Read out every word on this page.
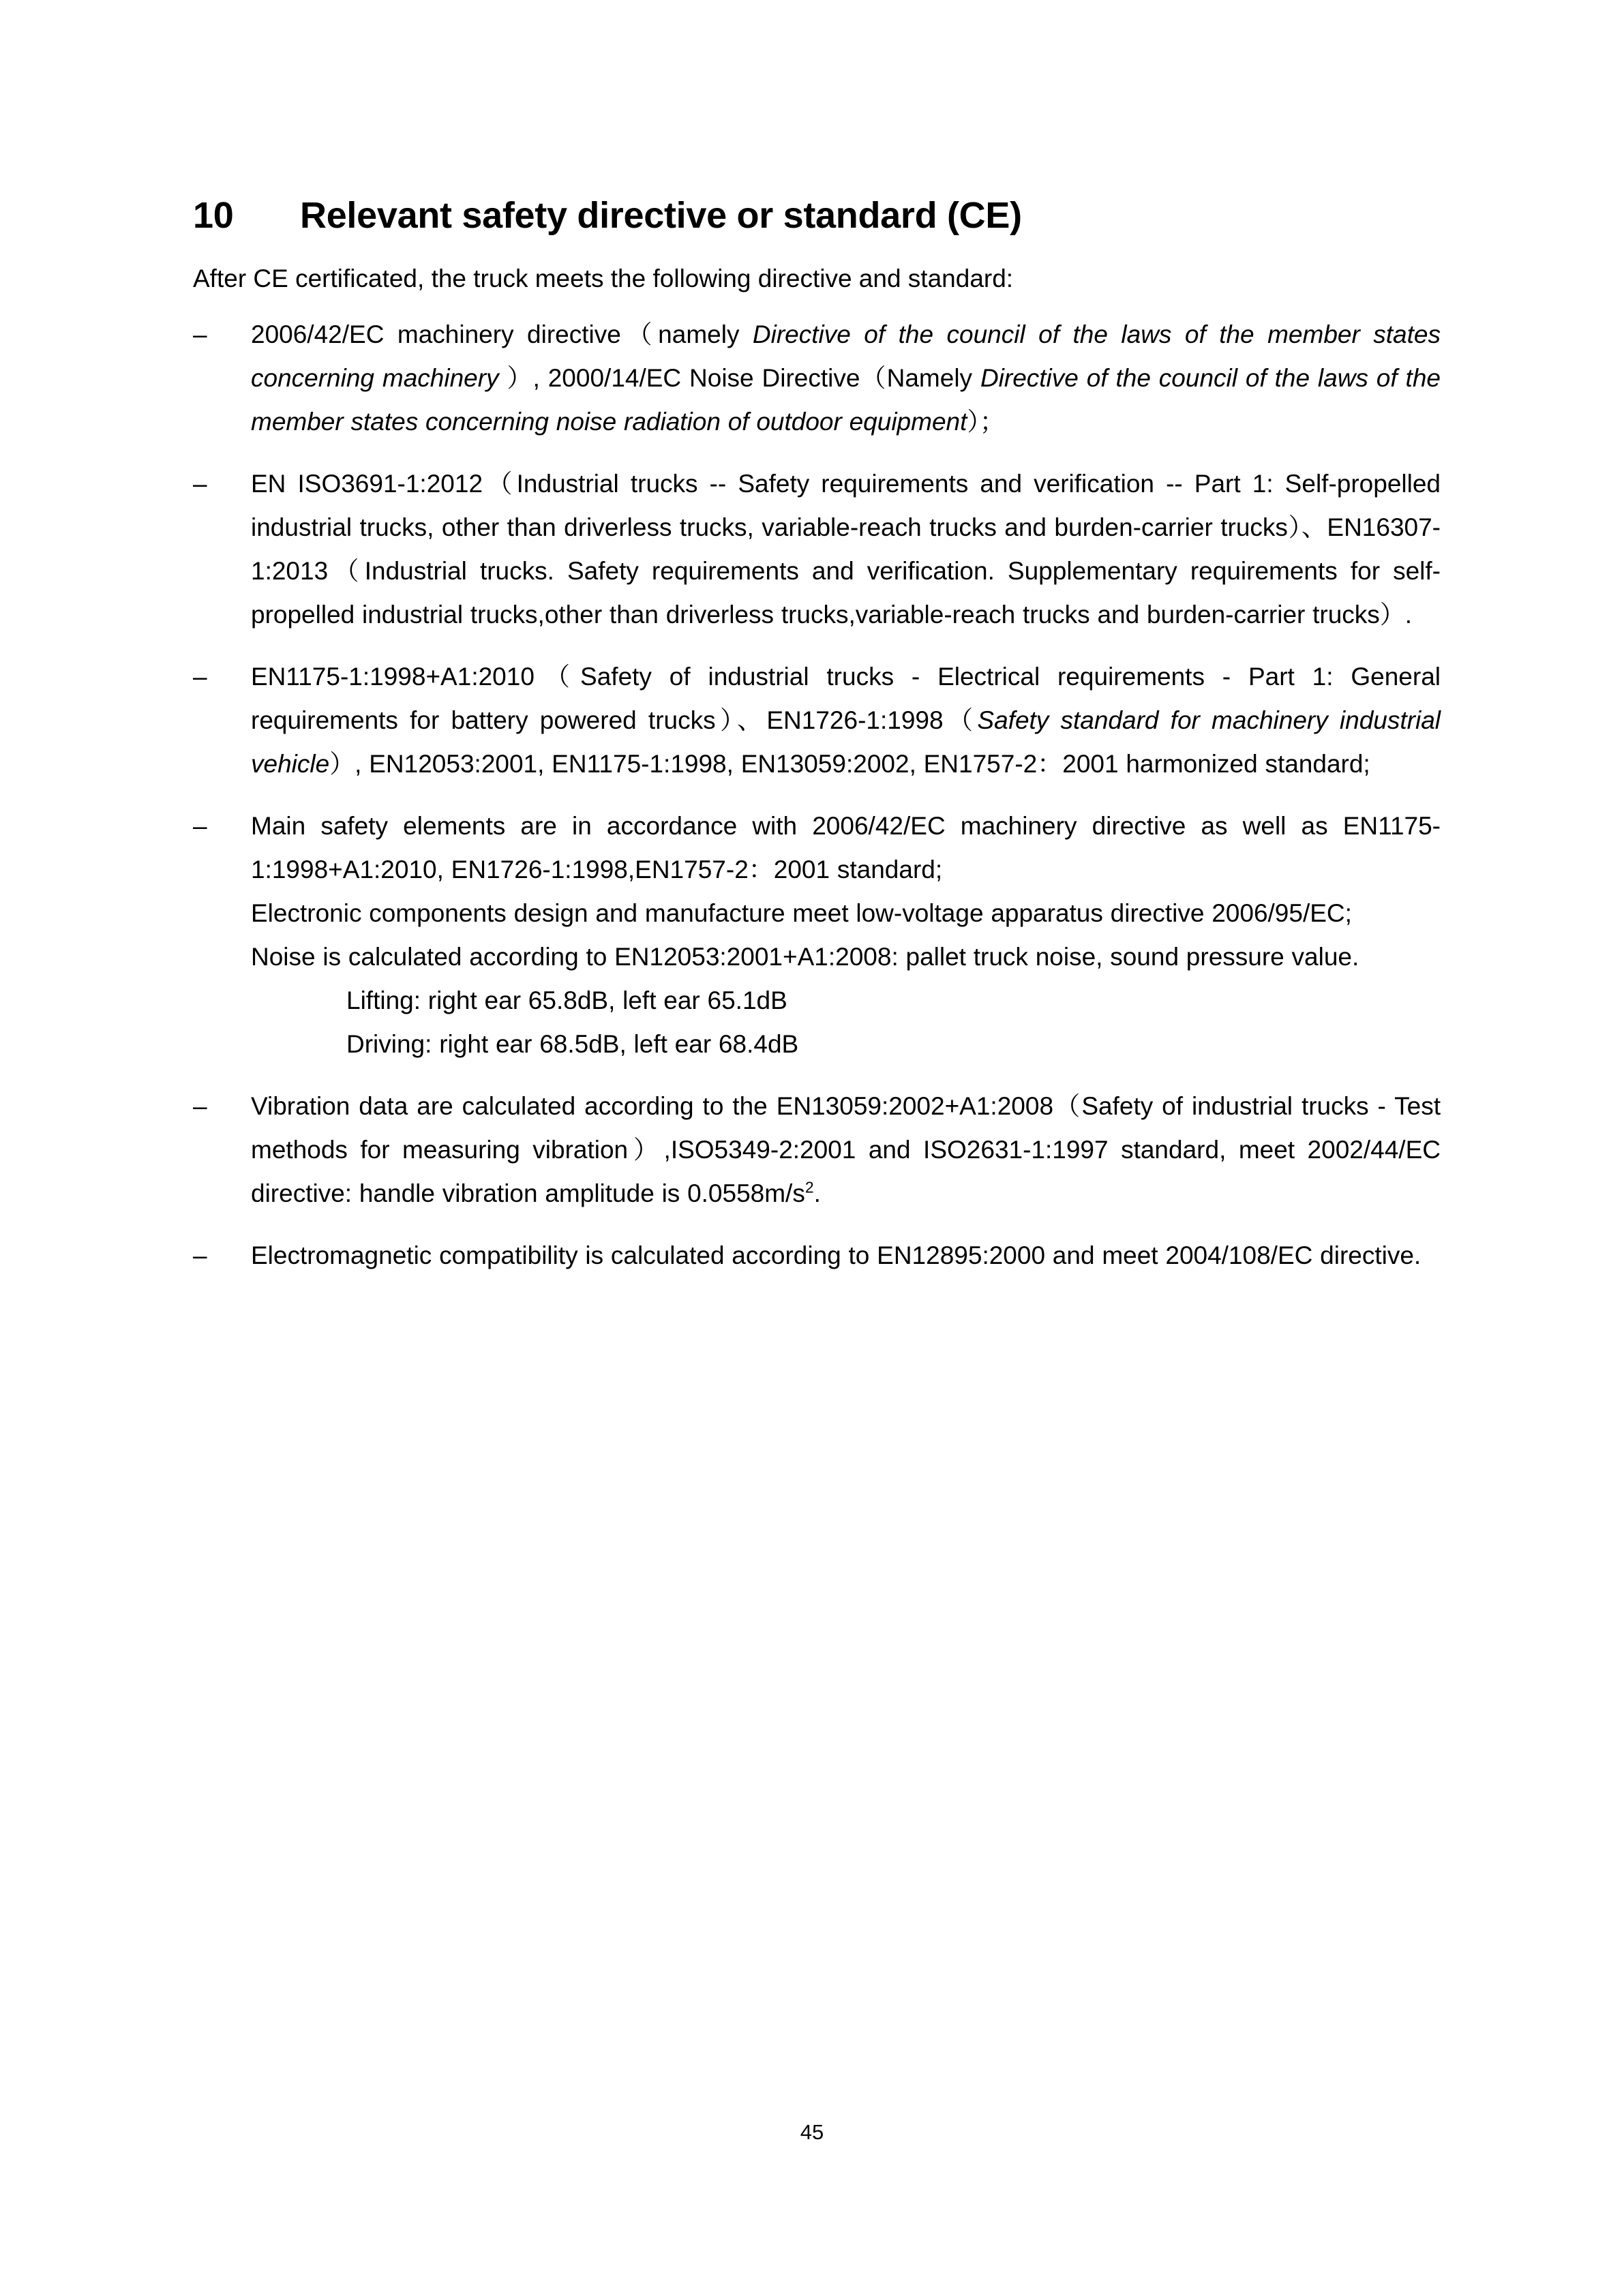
10 Relevant safety directive or standard (CE)

After CE certificated, the truck meets the following directive and standard:

– 2006/42/EC machinery directive（namely Directive of the council of the laws of the member states concerning machinery ）, 2000/14/EC Noise Directive（Namely Directive of the council of the laws of the member states concerning noise radiation of outdoor equipment）；

– EN ISO3691-1:2012（Industrial trucks -- Safety requirements and verification -- Part 1: Self-propelled industrial trucks, other than driverless trucks, variable-reach trucks and burden-carrier trucks）、EN16307-1:2013（Industrial trucks. Safety requirements and verification. Supplementary requirements for self-propelled industrial trucks,other than driverless trucks,variable-reach trucks and burden-carrier trucks）.

– EN1175-1:1998+A1:2010（Safety of industrial trucks - Electrical requirements - Part 1: General requirements for battery powered trucks）、EN1726-1:1998（Safety standard for machinery industrial vehicle）, EN12053:2001, EN1175-1:1998, EN13059:2002, EN1757-2：2001 harmonized standard;

– Main safety elements are in accordance with 2006/42/EC machinery directive as well as EN1175-1:1998+A1:2010, EN1726-1:1998,EN1757-2：2001 standard;

Electronic components design and manufacture meet low-voltage apparatus directive 2006/95/EC;

Noise is calculated according to EN12053:2001+A1:2008: pallet truck noise, sound pressure value.

Lifting: right ear 65.8dB, left ear 65.1dB

Driving: right ear 68.5dB, left ear 68.4dB

– Vibration data are calculated according to the EN13059:2002+A1:2008（Safety of industrial trucks - Test methods for measuring vibration）,ISO5349-2:2001 and ISO2631-1:1997 standard, meet 2002/44/EC directive: handle vibration amplitude is $0.0558m/s^2$.

– Electromagnetic compatibility is calculated according to EN12895:2000 and meet 2004/108/EC directive.

45
